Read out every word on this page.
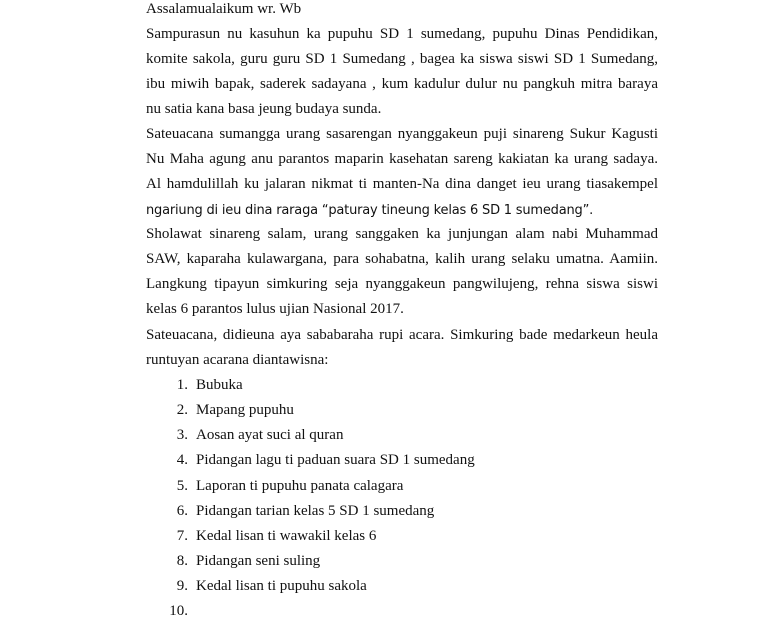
Assalamualaikum wr. Wb
Sampurasun nu kasuhun ka pupuhu SD 1 sumedang, pupuhu Dinas Pendidikan,
komite sakola, guru guru SD 1 Sumedang , bagea ka siswa siswi SD 1 Sumedang,
ibu miwih bapak, saderek sadayana , kum kadulur dulur nu pangkuh mitra baraya
nu satia kana basa jeung budaya sunda.
Sateuacana sumangga urang sasarengan nyanggakeun puji sinareng Sukur Kagusti
Nu Maha agung anu parantos maparin kasehatan sareng kakiatan ka urang sadaya.
Al hamdulillah ku jalaran nikmat ti manten-Na dina danget ieu urang tiasakempel
ngariung di ieu dina raraga “paturay tineung kelas 6 SD 1 sumedang”.
Sholawat sinareng salam, urang sanggaken ka junjungan alam nabi Muhammad
SAW, kaparaha kulawargana, para sohabatna, kalih urang selaku umatna. Aamiin.
Langkung tipayun simkuring seja nyanggakeun pangwilujeng, rehna siswa siswi
kelas 6 parantos lulus ujian Nasional 2017.
Sateuacana, didieuna aya sababaraha rupi acara. Simkuring bade medarkeun heula
runtuyan acarana diantawisna:
1. Bubuka
2. Mapang pupuhu
3. Aosan ayat suci al quran
4. Pidangan lagu ti paduan suara SD 1 sumedang
5. Laporan ti pupuhu panata calagara
6. Pidangan tarian kelas 5 SD 1 sumedang
7. Kedal lisan ti wawakil kelas 6
8. Pidangan seni suling
9. Kedal lisan ti pupuhu sakola
10.
